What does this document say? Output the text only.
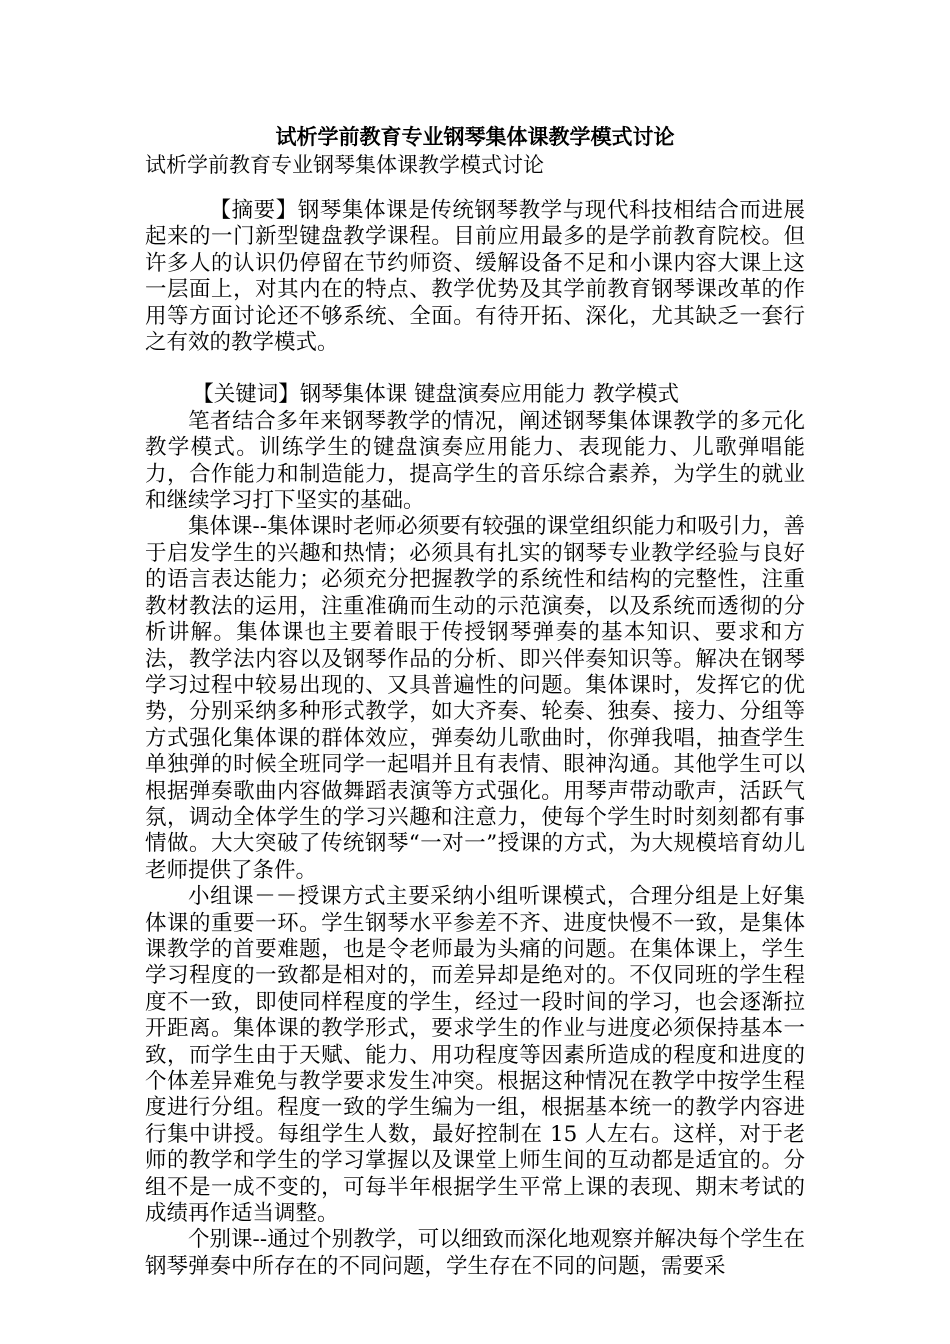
试析学前教育专业钢琴集体课教学模式讨论
试析学前教育专业钢琴集体课教学模式讨论

【摘要】钢琴集体课是传统钢琴教学与现代科技相结合而进展起来的一门新型键盘教学课程。目前应用最多的是学前教育院校。但许多人的认识仍停留在节约师资、缓解设备不足和小课内容大课上这一层面上，对其内在的特点、教学优势及其学前教育钢琴课改革的作用等方面讨论还不够系统、全面。有待开拓、深化，尤其缺乏一套行之有效的教学模式。

【关键词】钢琴集体课 键盘演奏应用能力 教学模式

笔者结合多年来钢琴教学的情况，阐述钢琴集体课教学的多元化教学模式。训练学生的键盘演奏应用能力、表现能力、儿歌弹唱能力，合作能力和制造能力，提高学生的音乐综合素养，为学生的就业和继续学习打下坚实的基础。

集体课--集体课时老师必须要有较强的课堂组织能力和吸引力，善于启发学生的兴趣和热情；必须具有扎实的钢琴专业教学经验与良好的语言表达能力；必须充分把握教学的系统性和结构的完整性，注重教材教法的运用，注重准确而生动的示范演奏，以及系统而透彻的分析讲解。集体课也主要着眼于传授钢琴弹奏的基本知识、要求和方法，教学法内容以及钢琴作品的分析、即兴伴奏知识等。解决在钢琴学习过程中较易出现的、又具普遍性的问题。集体课时，发挥它的优势，分别采纳多种形式教学，如大齐奏、轮奏、独奏、接力、分组等方式强化集体课的群体效应，弹奏幼儿歌曲时，你弹我唱，抽查学生单独弹的时候全班同学一起唱并且有表情、眼神沟通。其他学生可以根据弹奏歌曲内容做舞蹈表演等方式强化。用琴声带动歌声，活跃气氛，调动全体学生的学习兴趣和注意力，使每个学生时时刻刻都有事情做。大大突破了传统钢琴“一对一”授课的方式，为大规模培育幼儿老师提供了条件。

小组课－－授课方式主要采纳小组听课模式，合理分组是上好集体课的重要一环。学生钢琴水平参差不齐、进度快慢不一致，是集体课教学的首要难题，也是令老师最为头痛的问题。在集体课上，学生学习程度的一致都是相对的，而差异却是绝对的。不仅同班的学生程度不一致，即使同样程度的学生，经过一段时间的学习，也会逐渐拉开距离。集体课的教学形式，要求学生的作业与进度必须保持基本一致，而学生由于天赋、能力、用功程度等因素所造成的程度和进度的个体差异难免与教学要求发生冲突。根据这种情况在教学中按学生程度进行分组。程度一致的学生编为一组，根据基本统一的教学内容进行集中讲授。每组学生人数，最好控制在 15 人左右。这样，对于老师的教学和学生的学习掌握以及课堂上师生间的互动都是适宜的。分组不是一成不变的，可每半年根据学生平常上课的表现、期末考试的成绩再作适当调整。

个别课--通过个别教学，可以细致而深化地观察并解决每个学生在钢琴弹奏中所存在的不同问题，学生存在不同的问题，需要采
